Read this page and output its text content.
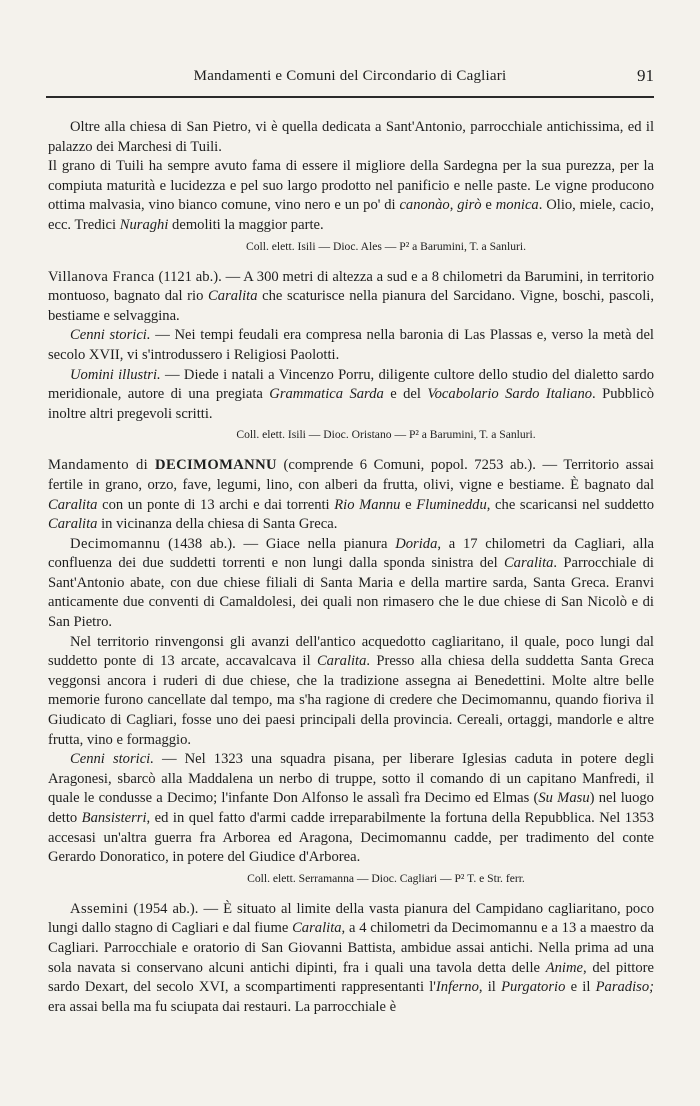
Mandamenti e Comuni del Circondario di Cagliari	91

Oltre alla chiesa di San Pietro, vi è quella dedicata a Sant'Antonio, parrocchiale antichissima, ed il palazzo dei Marchesi di Tuili.

Il grano di Tuili ha sempre avuto fama di essere il migliore della Sardegna per la sua purezza, per la compiuta maturità e lucidezza e pel suo largo prodotto nel panificio e nelle paste. Le vigne producono ottima malvasia, vino bianco comune, vino nero e un po' di canonào, girò e monica. Olio, miele, cacio, ecc. Tredici Nuraghi demoliti la maggior parte.

Coll. elett. Isili — Dioc. Ales — P² a Barumini, T. a Sanluri.

Villanova Franca (1121 ab.). — A 300 metri di altezza a sud e a 8 chilometri da Barumini, in territorio montuoso, bagnato dal rio Caralita che scaturisce nella pianura del Sarcidano. Vigne, boschi, pascoli, bestiame e selvaggina.

Cenni storici. — Nei tempi feudali era compresa nella baronia di Las Plassas e, verso la metà del secolo XVII, vi s'introdussero i Religiosi Paolotti.

Uomini illustri. — Diede i natali a Vincenzo Porru, diligente cultore dello studio del dialetto sardo meridionale, autore di una pregiata Grammatica Sarda e del Vocabolario Sardo Italiano. Pubblicò inoltre altri pregevoli scritti.

Coll. elett. Isili — Dioc. Oristano — P² a Barumini, T. a Sanluri.

Mandamento di DECIMOMANNU (comprende 6 Comuni, popol. 7253 ab.). — Territorio assai fertile in grano, orzo, fave, legumi, lino, con alberi da frutta, olivi, vigne e bestiame. È bagnato dal Caralita con un ponte di 13 archi e dai torrenti Rio Mannu e Flumineddu, che scaricansi nel suddetto Caralita in vicinanza della chiesa di Santa Greca.

Decimomannu (1438 ab.). — Giace nella pianura Dorida, a 17 chilometri da Cagliari, alla confluenza dei due suddetti torrenti e non lungi dalla sponda sinistra del Caralita. Parrocchiale di Sant'Antonio abate, con due chiese filiali di Santa Maria e della martire sarda, Santa Greca. Eranvi anticamente due conventi di Camaldolesi, dei quali non rimasero che le due chiese di San Nicolò e di San Pietro.

Nel territorio rinvengonsi gli avanzi dell'antico acquedotto cagliaritano, il quale, poco lungi dal suddetto ponte di 13 arcate, accavalcava il Caralita. Presso alla chiesa della suddetta Santa Greca veggonsi ancora i ruderi di due chiese, che la tradizione assegna ai Benedettini. Molte altre belle memorie furono cancellate dal tempo, ma s'ha ragione di credere che Decimomannu, quando fioriva il Giudicato di Cagliari, fosse uno dei paesi principali della provincia. Cereali, ortaggi, mandorle e altre frutta, vino e formaggio.

Cenni storici. — Nel 1323 una squadra pisana, per liberare Iglesias caduta in potere degli Aragonesi, sbarcò alla Maddalena un nerbo di truppe, sotto il comando di un capitano Manfredi, il quale le condusse a Decimo; l'infante Don Alfonso le assalì fra Decimo ed Elmas (Su Masu) nel luogo detto Bansisterri, ed in quel fatto d'armi cadde irreparabilmente la fortuna della Repubblica. Nel 1353 accesasi un'altra guerra fra Arborea ed Aragona, Decimomannu cadde, per tradimento del conte Gerardo Donoratico, in potere del Giudice d'Arborea.

Coll. elett. Serramanna — Dioc. Cagliari — P² T. e Str. ferr.

Assemini (1954 ab.). — È situato al limite della vasta pianura del Campidano cagliaritano, poco lungi dallo stagno di Cagliari e dal fiume Caralita, a 4 chilometri da Decimomannu e a 13 a maestro da Cagliari. Parrocchiale e oratorio di San Giovanni Battista, ambidue assai antichi. Nella prima ad una sola navata si conservano alcuni antichi dipinti, fra i quali una tavola detta delle Anime, del pittore sardo Dexart, del secolo XVI, a scompartimenti rappresentanti l'Inferno, il Purgatorio e il Paradiso; era assai bella ma fu sciupata dai restauri. La parrocchiale è
